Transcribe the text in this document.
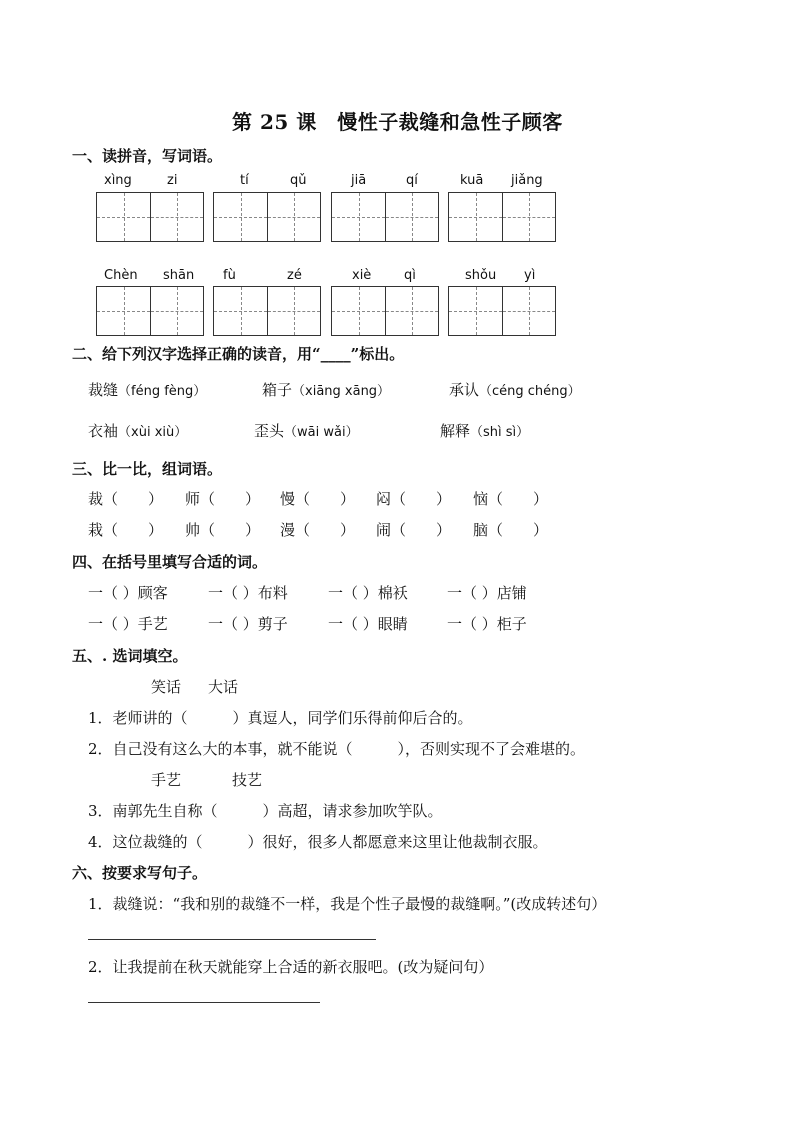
第 25 课　慢性子裁缝和急性子顾客
一、读拼音，写词语。
xìng	zi	tí	qǔ	jiā	qí	kuā jiǎng
Chèn shān fù	zé	xiè	qì	shǒu yì
二、给下列汉字选择正确的读音，用“____”标出。
裁缝（féng fèng）	箱子（xiāng xāng）	承认（céng chéng）
衣袖（xùi xiù）	歪头（wāi wǎi）	解释（shì sì）
三、比一比，组词语。
裁（　　） 师（　　） 慢（　　） 闷（　　） 恼（　　）
栽（　　） 帅（　　） 漫（　　） 闹（　　） 脑（　　）
四、在括号里填写合适的词。
一（ ）顾客	一（ ）布料	一（ ）棉袄	一（ ）店铺
一（ ）手艺	一（ ）剪子	一（ ）眼睛	一（ ）柜子
五、. 选词填空。
笑话 大话
1．老师讲的（　　　）真逗人，同学们乐得前仰后合的。
2．自己没有这么大的本事，就不能说（　　　），否则实现不了会难堪的。
手艺	技艺
3．南郭先生自称（　　　）高超，请求参加吹竽队。
4．这位裁缝的（　　　）很好，很多人都愿意来这里让他裁制衣服。
六、按要求写句子。
1．裁缝说：“我和别的裁缝不一样，我是个性子最慢的裁缝啊。”(改成转述句）
2．让我提前在秋天就能穿上合适的新衣服吧。(改为疑问句）
